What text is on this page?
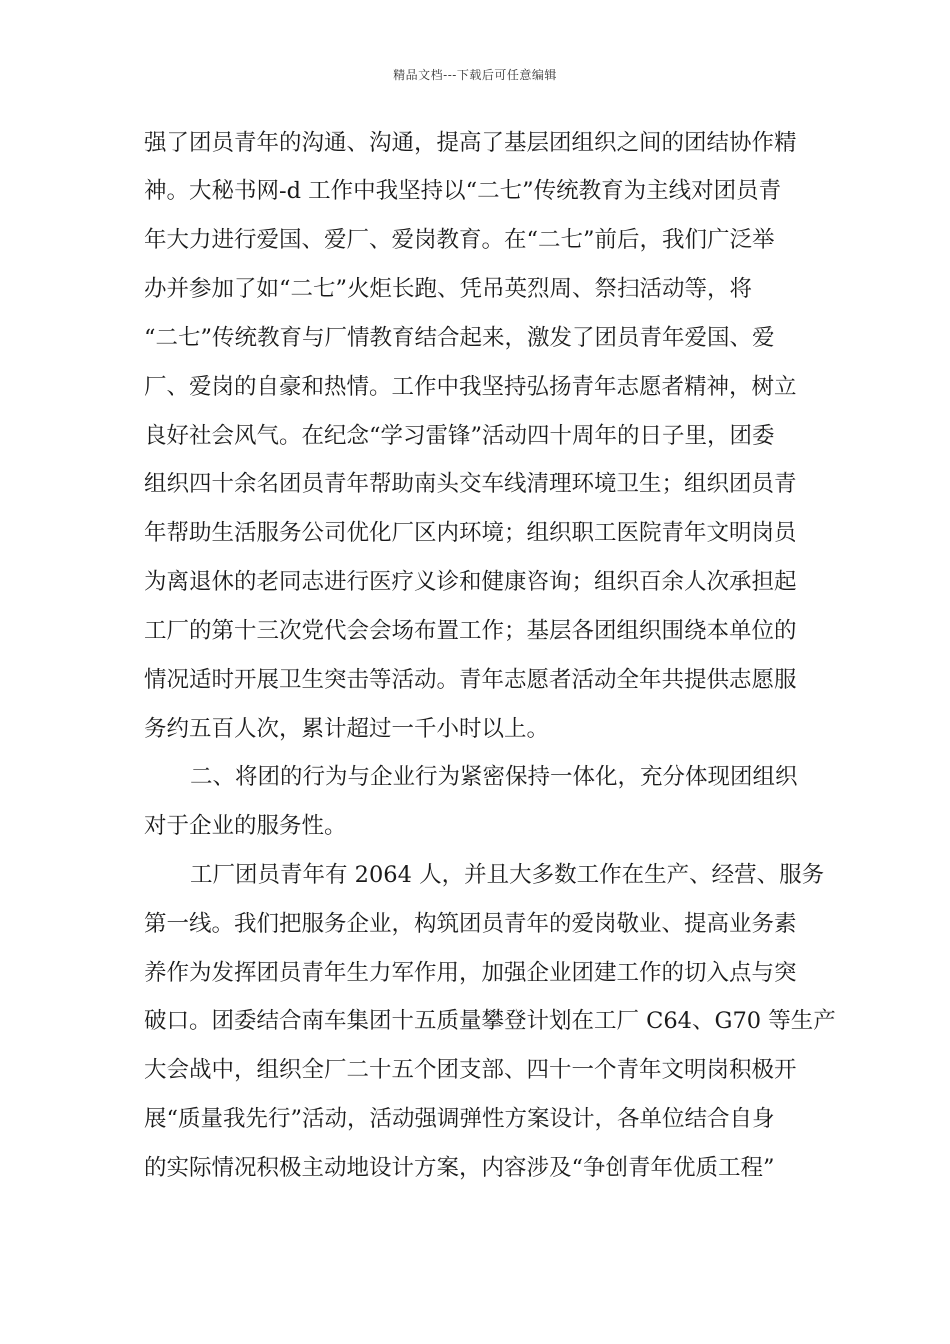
精品文档---下载后可任意编辑
强了团员青年的沟通、沟通，提高了基层团组织之间的团结协作精
神。大秘书网-d 工作中我坚持以“二七”传统教育为主线对团员青
年大力进行爱国、爱厂、爱岗教育。在“二七”前后，我们广泛举
办并参加了如“二七”火炬长跑、凭吊英烈周、祭扫活动等，将
“二七”传统教育与厂情教育结合起来，激发了团员青年爱国、爱
厂、爱岗的自豪和热情。工作中我坚持弘扬青年志愿者精神，树立
良好社会风气。在纪念“学习雷锋”活动四十周年的日子里，团委
组织四十余名团员青年帮助南头交车线清理环境卫生；组织团员青
年帮助生活服务公司优化厂区内环境；组织职工医院青年文明岗员
为离退休的老同志进行医疗义诊和健康咨询；组织百余人次承担起
工厂的第十三次党代会会场布置工作；基层各团组织围绕本单位的
情况适时开展卫生突击等活动。青年志愿者活动全年共提供志愿服
务约五百人次，累计超过一千小时以上。
二、将团的行为与企业行为紧密保持一体化，充分体现团组织
对于企业的服务性。
工厂团员青年有 2064 人，并且大多数工作在生产、经营、服务
第一线。我们把服务企业，构筑团员青年的爱岗敬业、提高业务素
养作为发挥团员青年生力军作用，加强企业团建工作的切入点与突
破口。团委结合南车集团十五质量攀登计划在工厂 C64、G70 等生产
大会战中，组织全厂二十五个团支部、四十一个青年文明岗积极开
展“质量我先行”活动，活动强调弹性方案设计，各单位结合自身
的实际情况积极主动地设计方案，内容涉及“争创青年优质工程”
